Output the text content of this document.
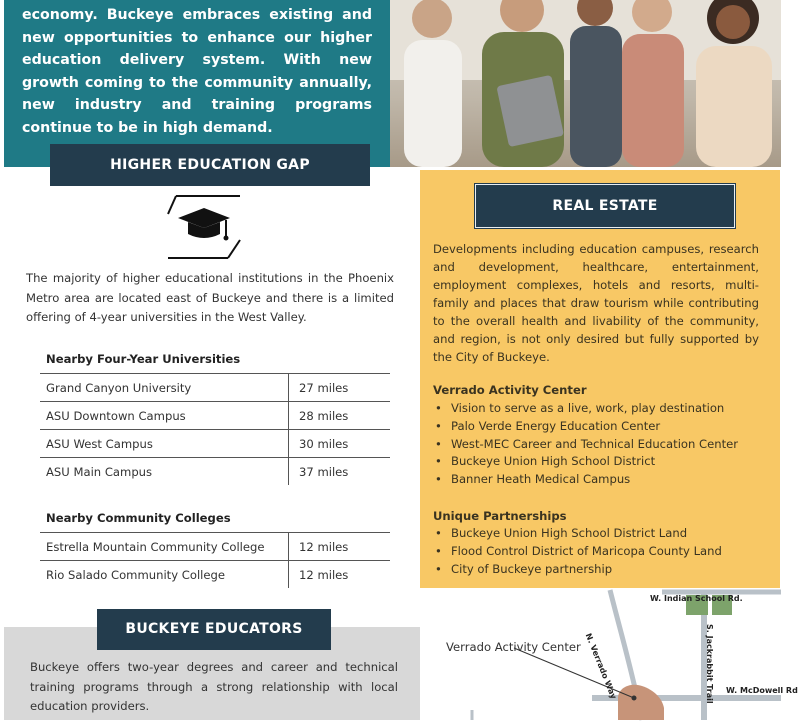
economy. Buckeye embraces existing and new opportunities to enhance our higher education delivery system. With new growth coming to the community annually, new industry and training programs continue to be in high demand.

HIGHER EDUCATION GAP

The majority of higher educational institutions in the Phoenix Metro area are located east of Buckeye and there is a limited offering of 4-year universities in the West Valley.

Nearby Four-Year Universities
Grand Canyon University	27 miles
ASU Downtown Campus	28 miles
ASU West Campus	30 miles
ASU Main Campus	37 miles
Nearby Community Colleges
Estrella Mountain Community College	12 miles
Rio Salado Community College	12 miles
REAL ESTATE

Developments including education campuses, research and development, healthcare, entertainment, employment complexes, hotels and resorts, multi-family and places that draw tourism while contributing to the overall health and livability of the community, and region, is not only desired but fully supported by the City of Buckeye.

Verrado Activity Center
• Vision to serve as a live, work, play destination
• Palo Verde Energy Education Center
• West-MEC Career and Technical Education Center
• Buckeye Union High School District
• Banner Heath Medical Campus
Unique Partnerships
• Buckeye Union High School District Land
• Flood Control District of Maricopa County Land
• City of Buckeye partnership
BUCKEYE EDUCATORS

Buckeye offers two-year degrees and career and technical training programs through a strong relationship with local education providers.

W. Indian School Rd.
N. Verrado Way	S. Jackrabbit Trail W. McDowell Rd
Verrado Activity Center
